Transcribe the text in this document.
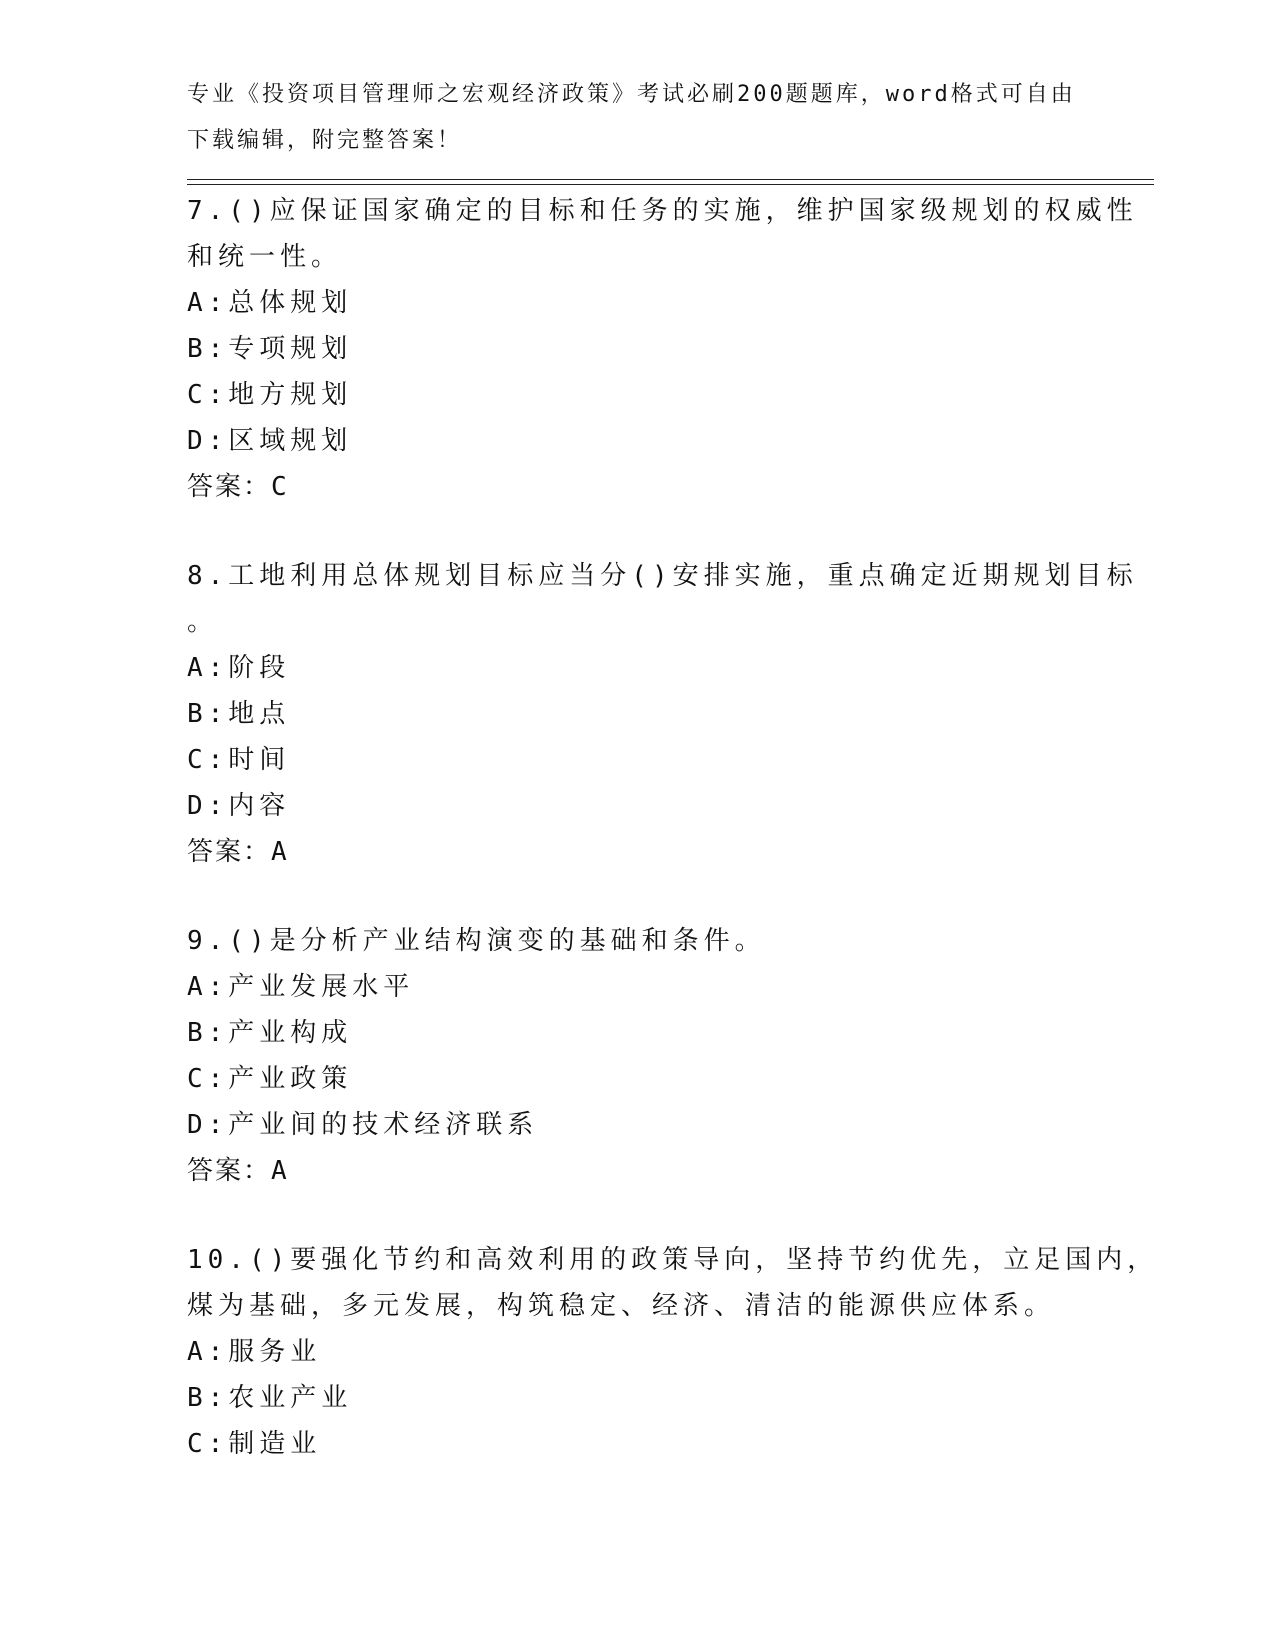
专业《投资项目管理师之宏观经济政策》考试必刷200题题库，word格式可自由
下载编辑，附完整答案！
7.()应保证国家确定的目标和任务的实施，维护国家级规划的权威性
和统一性。
A:总体规划
B:专项规划
C:地方规划
D:区域规划
答案：C
8.工地利用总体规划目标应当分()安排实施，重点确定近期规划目标
。
A:阶段
B:地点
C:时间
D:内容
答案：A
9.()是分析产业结构演变的基础和条件。
A:产业发展水平
B:产业构成
C:产业政策
D:产业间的技术经济联系
答案：A
10.()要强化节约和高效利用的政策导向，坚持节约优先，立足国内，
煤为基础，多元发展，构筑稳定、经济、清洁的能源供应体系。
A:服务业
B:农业产业
C:制造业
